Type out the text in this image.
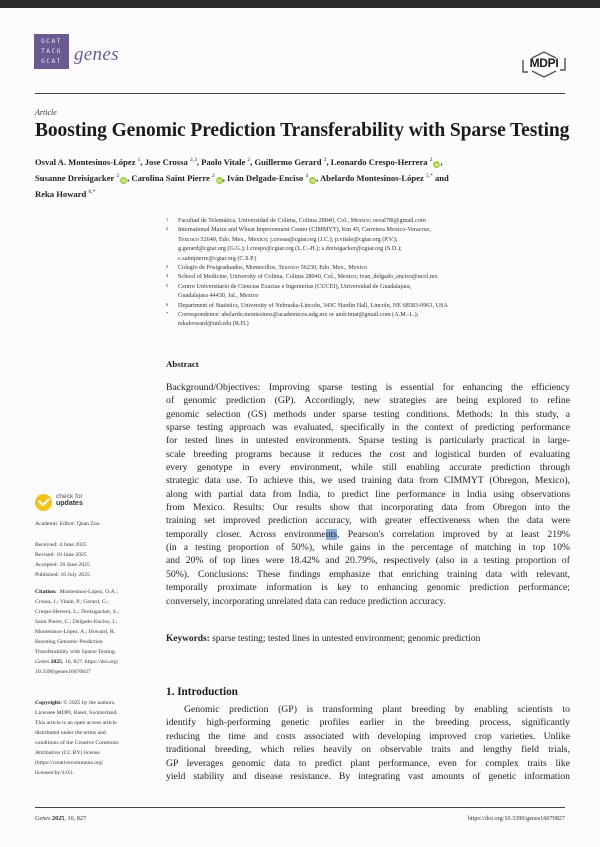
GCAT
TACG
GCAT genes	MDPI
Article
Boosting Genomic Prediction Transferability with Sparse Testing
Osval A. Montesinos-López $^1$, Jose Crossa $^{2,3}$, Paolo Vitale $^2$, Guillermo Gerard $^2$, Leonardo Crespo-Herrera $^2$iD ,
Susanne Dreisigacker $^2$iD , Carolina Saint Pierre $^2$iD , Iván Delgado-Enciso $^4$iD , Abelardo Montesinos-López $^{5,*}$ and
Reka Howard $^{6,*}$
1 Facultad de Telemática, Universidad de Colima, Colima 28040, Col., Mexico; osval78t@gmail.com
2 International Maize and Wheat Improvement Center (CIMMYT), Km 45, Carretera Mexico-Veracruz,
Texcoco 52640, Edo. Mex., Mexico; j.crossa@cgiar.org (J.C.); p.vitale@cgiar.org (P.V.);
g.gerard@cgiar.org (G.G.); l.crespo@cgiar.org (L.C.-H.); s.dreisigacker@cgiar.org (S.D.);
c.saintpierre@cgiar.org (C.S.P.)
3 Colegio de Postgraduados, Montecillos, Texcoco 56230, Edo. Mex., Mexico
4 School of Medicine, University of Colima, Colima 28040, Col., Mexico; ivan_delgado_enciso@ucol.mx
5 Centro Universitario de Ciencias Exactas e Ingenierías (CUCEI), Universidad de Guadalajara,
Guadalajara 44430, Jal., Mexico
6 Department of Statistics, University of Nebraska-Lincoln, 343C Hardin Hall, Lincoln, NE 68583-0963, USA
* Correspondence: abelardo.montesinos@academicos.udg.mx or amlcimat@gmail.com (A.M.-L.);
rekahoward@unl.edu (R.H.)
Abstract
Background/Objectives: Improving sparse testing is essential for enhancing the efficiency
of genomic prediction (GP). Accordingly, new strategies are being explored to refine
genomic selection (GS) methods under sparse testing conditions. Methods: In this study, a
sparse testing approach was evaluated, specifically in the context of predicting performance
for tested lines in untested environments. Sparse testing is particularly practical in large-
scale breeding programs because it reduces the cost and logistical burden of evaluating
every genotype in every environment, while still enabling accurate prediction through
strategic data use. To achieve this, we used training data from CIMMYT (Obregon, Mexico),
along with partial data from India, to predict line performance in India using observations
from Mexico. Results: Our results show that incorporating data from Obregon into the
training set improved prediction accuracy, with greater effectiveness when the data were
temporally closer. Across environments, Pearson's correlation improved by at least 219%
(in a testing proportion of 50%), while gains in the percentage of matching in top 10%
and 20% of top lines were 18.42% and 20.79%, respectively (also in a testing proportion of
50%). Conclusions: These findings emphasize that enriching training data with relevant,
temporally proximate information is key to enhancing genomic prediction performance;
conversely, incorporating unrelated data can reduce prediction accuracy.
Keywords: sparse testing; tested lines in untested environment; genomic prediction
1. Introduction
Genomic prediction (GP) is transforming plant breeding by enabling scientists to
identify high-performing genetic profiles earlier in the breeding process, significantly
reducing the time and costs associated with developing improved crop varieties. Unlike
traditional breeding, which relies heavily on observable traits and lengthy field trials,
GP leverages genomic data to predict plant performance, even for complex traits like
yield stability and disease resistance. By integrating vast amounts of genetic information
check for
updates
Academic Editor: Quan Zou
Received: 4 June 2025
Revised: 19 June 2025
Accepted: 26 June 2025
Published: 16 July 2025
Citation: Montesinos-López, O.A.;
Crossa, J.; Vitale, P.; Gerard, G.;
Crespo-Herrera, L.; Dreisigacker, S.;
Saint Pierre, C.; Delgado-Enciso, I.;
Montesinos-López, A.; Howard, R.
Boosting Genomic Prediction
Transferability with Sparse Testing.
Genes 2025, 16, 827. https://doi.org/
10.3390/genes16070827
Copyright: © 2025 by the authors.
Licensee MDPI, Basel, Switzerland.
This article is an open access article
distributed under the terms and
conditions of the Creative Commons
Attribution (CC BY) license
(https://creativecommons.org/
licenses/by/4.0/).
Genes 2025, 16, 827	https://doi.org/10.3390/genes16070827
